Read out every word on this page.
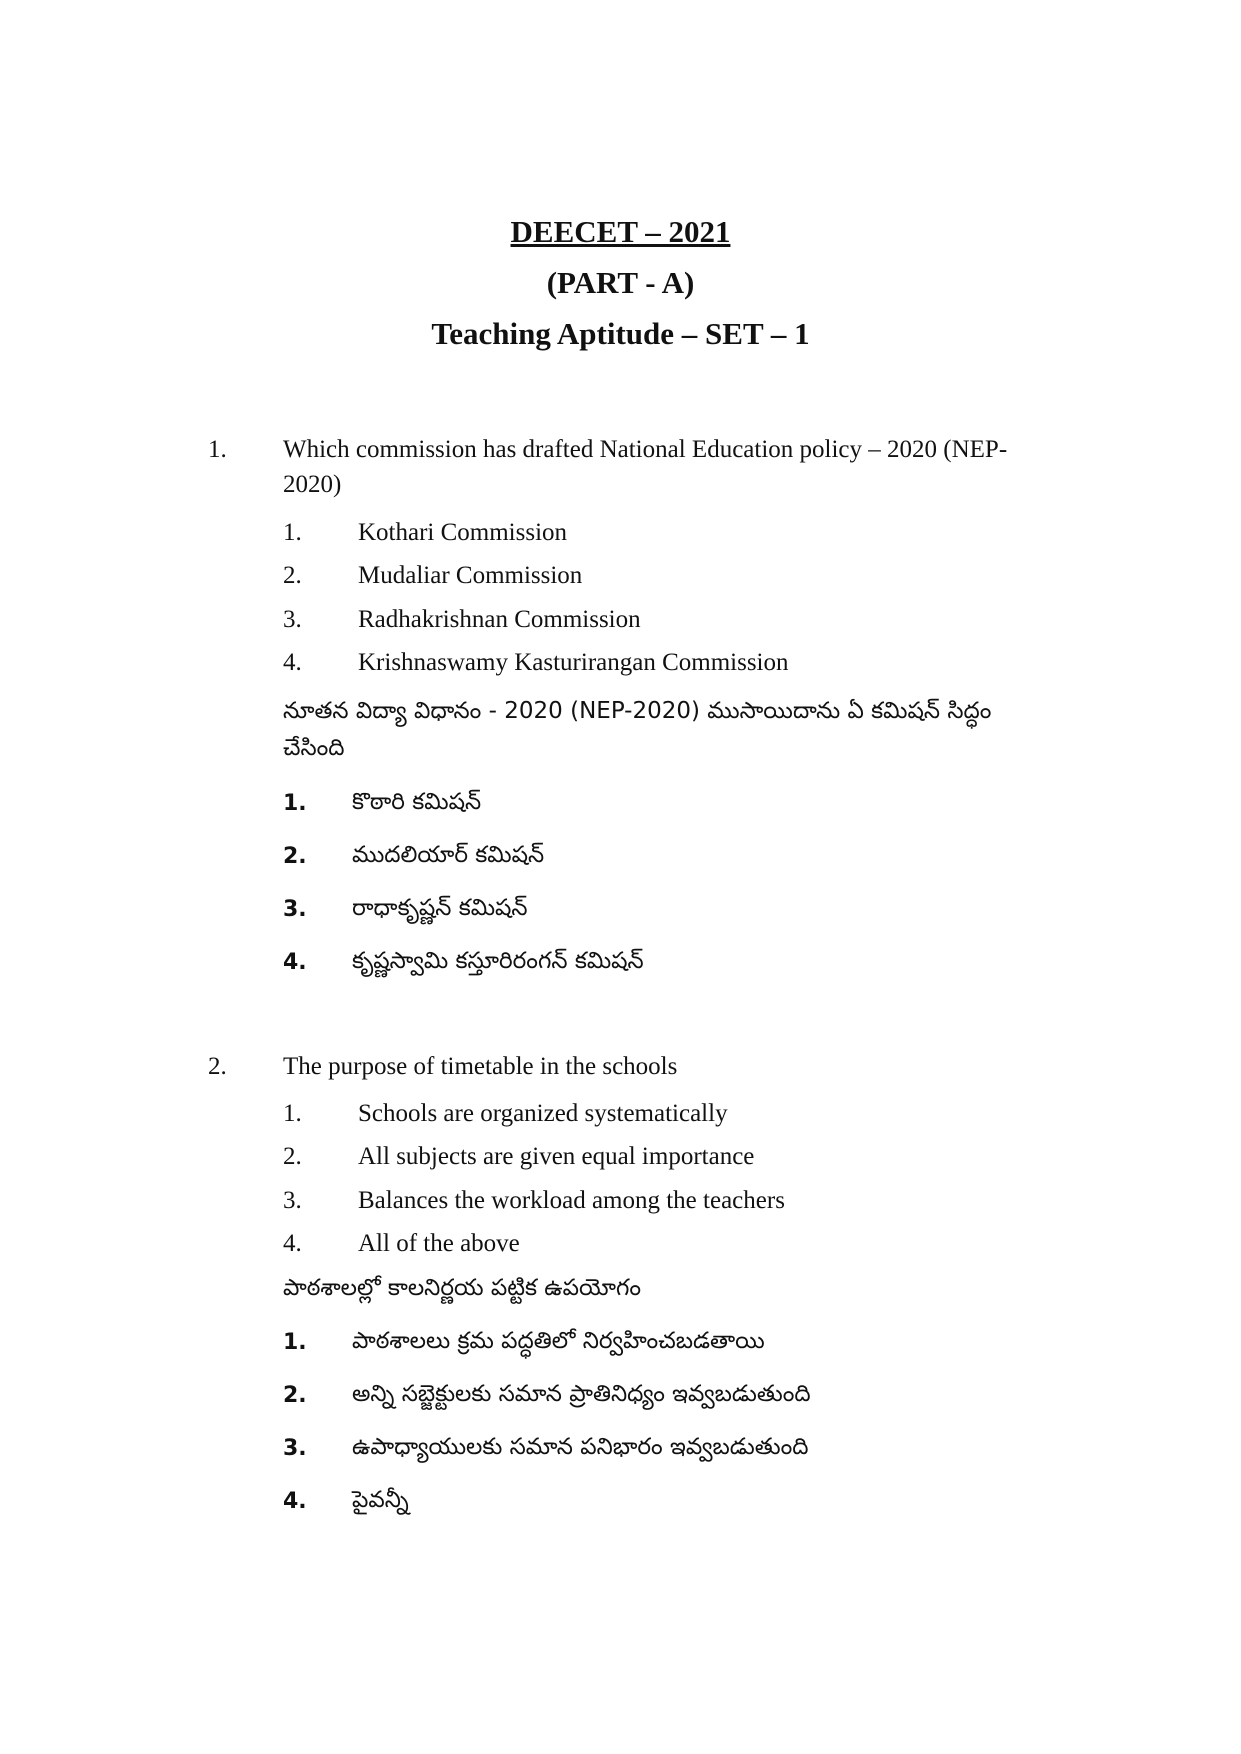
DEECET – 2021
(PART - A)
Teaching Aptitude – SET – 1
1. Which commission has drafted National Education policy – 2020 (NEP-2020)
1. Kothari Commission
2. Mudaliar Commission
3. Radhakrishnan Commission
4. Krishnaswamy Kasturirangan Commission
నూతన విద్యా విధానం - 2020 (NEP-2020) ముసాయిదాను ఏ కమిషన్ సిద్ధం చేసింది
1. కొఠారి కమిషన్
2. ముదలియార్ కమిషన్
3. రాధాకృష్ణన్ కమిషన్
4. కృష్ణస్వామి కస్తూరిరంగన్ కమిషన్
2. The purpose of timetable in the schools
1. Schools are organized systematically
2. All subjects are given equal importance
3. Balances the workload among the teachers
4. All of the above
పాఠశాలల్లో కాలనిర్ణయ పట్టిక ఉపయోగం
1. పాఠశాలలు క్రమ పద్ధతిలో నిర్వహించబడతాయి
2. అన్ని సబ్జెక్టులకు సమాన ప్రాతినిధ్యం ఇవ్వబడుతుంది
3. ఉపాధ్యాయులకు సమాన పనిభారం ఇవ్వబడుతుంది
4. పైవన్నీ
